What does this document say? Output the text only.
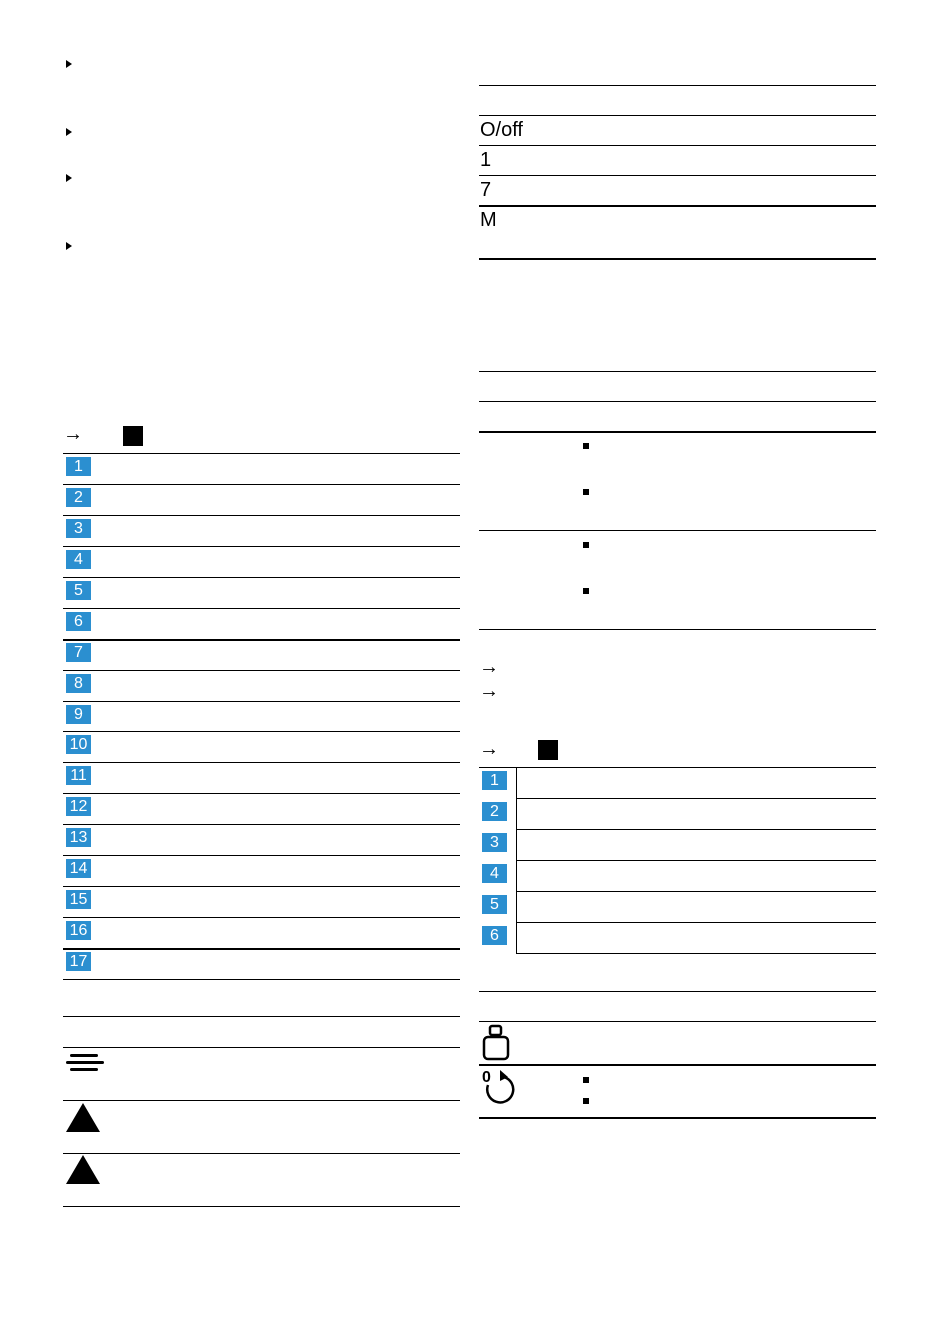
→
1
2
3
4
5
6
7
8
9
10
11
12
13
14
15
16
17
O/off
1
7
M
→
→
→
1
2
3
4
5
6
0
